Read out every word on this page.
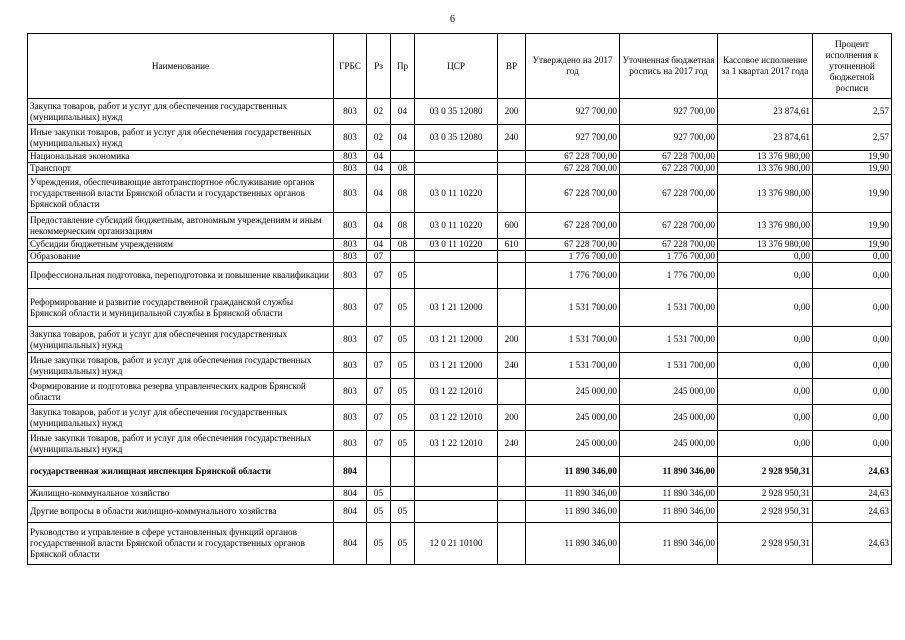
6
Наименование	ГРБС	Рз	Пр	ЦСР	ВР	Утверждено на 2017 год	Уточненная бюджетная роспись на 2017 год	Кассовое исполнение за 1 квартал 2017 года	Процент исполнения к уточненной бюджетной росписи
Закупка товаров, работ и услуг для обеспечения государственных (муниципальных) нужд	803	02	04	03 0 35 12080	200	927 700,00	927 700,00	23 874,61	2,57
Иные закупки товаров, работ и услуг для обеспечения государственных (муниципальных) нужд	803	02	04	03 0 35 12080	240	927 700,00	927 700,00	23 874,61	2,57
Национальная экономика	803	04				67 228 700,00	67 228 700,00	13 376 980,00	19,90
Транспорт	803	04	08			67 228 700,00	67 228 700,00	13 376 980,00	19,90
Учреждения, обеспечивающие автотранспортное обслуживание органов государственной власти Брянской области и государственных органов Брянской области	803	04	08	03 0 11 10220		67 228 700,00	67 228 700,00	13 376 980,00	19,90
Предоставление субсидий бюджетным, автономным учреждениям и иным некоммерческим организациям	803	04	08	03 0 11 10220	600	67 228 700,00	67 228 700,00	13 376 980,00	19,90
Субсидии бюджетным учреждениям	803	04	08	03 0 11 10220	610	67 228 700,00	67 228 700,00	13 376 980,00	19,90
Образование	803	07				1 776 700,00	1 776 700,00	0,00	0,00
Профессиональная подготовка, переподготовка и повышение квалификации	803	07	05			1 776 700,00	1 776 700,00	0,00	0,00
Реформирование и развитие государственной гражданской службы Брянской области и муниципальной службы в Брянской области	803	07	05	03 1 21 12000		1 531 700,00	1 531 700,00	0,00	0,00
Закупка товаров, работ и услуг для обеспечения государственных (муниципальных) нужд	803	07	05	03 1 21 12000	200	1 531 700,00	1 531 700,00	0,00	0,00
Иные закупки товаров, работ и услуг для обеспечения государственных (муниципальных) нужд	803	07	05	03 1 21 12000	240	1 531 700,00	1 531 700,00	0,00	0,00
Формирование и подготовка резерва управленческих кадров Брянской области	803	07	05	03 1 22 12010		245 000,00	245 000,00	0,00	0,00
Закупка товаров, работ и услуг для обеспечения государственных (муниципальных) нужд	803	07	05	03 1 22 12010	200	245 000,00	245 000,00	0,00	0,00
Иные закупки товаров, работ и услуг для обеспечения государственных (муниципальных) нужд	803	07	05	03 1 22 12010	240	245 000,00	245 000,00	0,00	0,00
государственная жилищная инспекция Брянской области	804					11 890 346,00	11 890 346,00	2 928 950,31	24,63
Жилищно-коммунальное хозяйство	804	05				11 890 346,00	11 890 346,00	2 928 950,31	24,63
Другие вопросы в области жилищно-коммунального хозяйства	804	05	05			11 890 346,00	11 890 346,00	2 928 950,31	24,63
Руководство и управление в сфере установленных функций органов государственной власти Брянской области и государственных органов Брянской области	804	05	05	12 0 21 10100		11 890 346,00	11 890 346,00	2 928 950,31	24,63
